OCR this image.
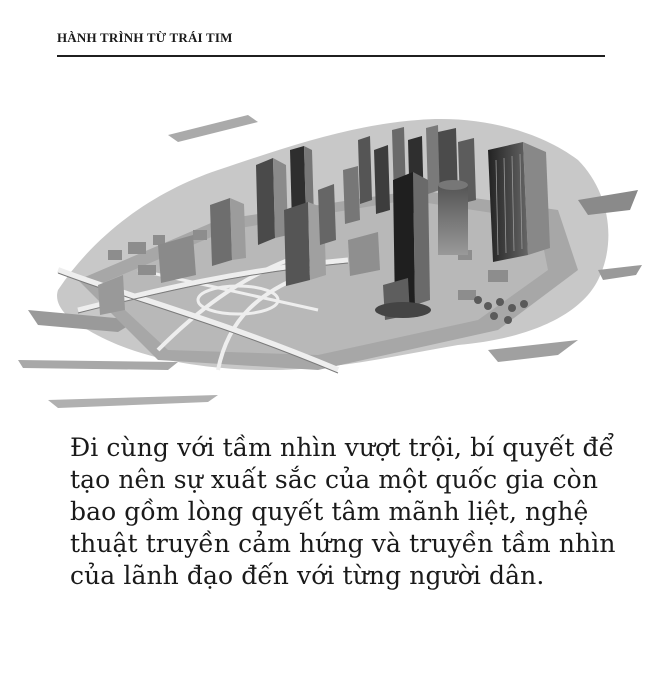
HÀNH TRÌNH TỪ TRÁI TIM
Đi cùng với tầm nhìn vượt trội, bí quyết để tạo nên sự xuất sắc của một quốc gia còn bao gồm lòng quyết tâm mãnh liệt, nghệ thuật truyền cảm hứng và truyền tầm nhìn của lãnh đạo đến với từng người dân.
